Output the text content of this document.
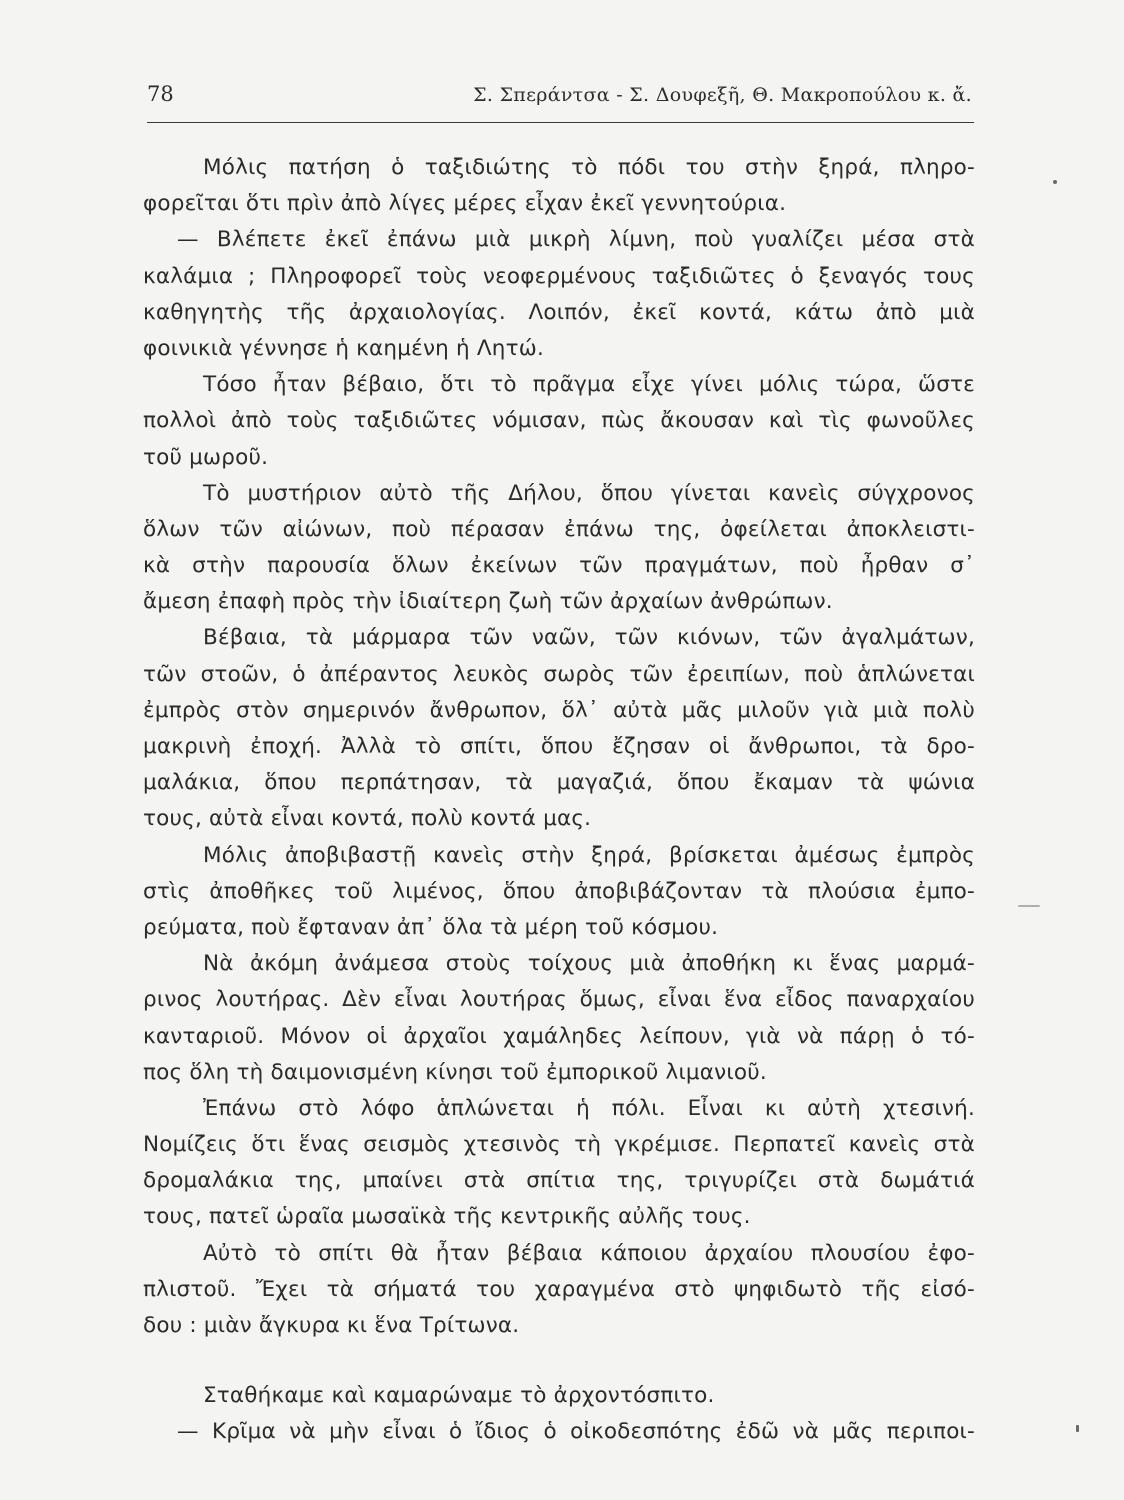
78	Σ. Σπεράντσα - Σ. Δουφεξῆ, Θ. Μακροπούλου κ. ἄ.
Μόλις πατήση ὁ ταξιδιώτης τὸ πόδι του στὴν ξηρά, πληρο-
φορεῖται ὅτι πρὶν ἀπὸ λίγες μέρες εἶχαν ἐκεῖ γεννητούρια.
— Βλέπετε ἐκεῖ ἐπάνω μιὰ μικρὴ λίμνη, ποὺ γυαλίζει μέσα στὰ
καλάμια ; Πληροφορεῖ τοὺς νεοφερμένους ταξιδιῶτες ὁ ξεναγός τους
καθηγητὴς τῆς ἀρχαιολογίας. Λοιπόν, ἐκεῖ κοντά, κάτω ἀπὸ μιὰ
φοινικιὰ γέννησε ἡ καημένη ἡ Λητώ.
Τόσο ἦταν βέβαιο, ὅτι τὸ πρᾶγμα εἶχε γίνει μόλις τώρα, ὥστε
πολλοὶ ἀπὸ τοὺς ταξιδιῶτες νόμισαν, πὼς ἄκουσαν καὶ τὶς φωνοῦλες
τοῦ μωροῦ.
Τὸ μυστήριον αὐτὸ τῆς Δήλου, ὅπου γίνεται κανεὶς σύγχρονος
ὅλων τῶν αἰώνων, ποὺ πέρασαν ἐπάνω της, ὀφείλεται ἀποκλειστι-
κὰ στὴν παρουσία ὅλων ἐκείνων τῶν πραγμάτων, ποὺ ἦρθαν σ᾽
ἄμεση ἐπαφὴ πρὸς τὴν ἰδιαίτερη ζωὴ τῶν ἀρχαίων ἀνθρώπων.
Βέβαια, τὰ μάρμαρα τῶν ναῶν, τῶν κιόνων, τῶν ἀγαλμάτων,
τῶν στοῶν, ὁ ἀπέραντος λευκὸς σωρὸς τῶν ἐρειπίων, ποὺ ἁπλώνεται
ἐμπρὸς στὸν σημερινόν ἄνθρωπον, ὅλ᾽ αὐτὰ μᾶς μιλοῦν γιὰ μιὰ πολὺ
μακρινὴ ἐποχή. Ἀλλὰ τὸ σπίτι, ὅπου ἔζησαν οἱ ἄνθρωποι, τὰ δρο-
μαλάκια, ὅπου περπάτησαν, τὰ μαγαζιά, ὅπου ἔκαμαν τὰ ψώνια
τους, αὐτὰ εἶναι κοντά, πολὺ κοντά μας.
Μόλις ἀποβιβαστῇ κανεὶς στὴν ξηρά, βρίσκεται ἀμέσως ἐμπρὸς
στὶς ἀποθῆκες τοῦ λιμένος, ὅπου ἀποβιβάζονταν τὰ πλούσια ἐμπο-
ρεύματα, ποὺ ἔφταναν ἀπ᾽ ὅλα τὰ μέρη τοῦ κόσμου.
Νὰ ἀκόμη ἀνάμεσα στοὺς τοίχους μιὰ ἀποθήκη κι ἕνας μαρμά-
ρινος λουτήρας. Δὲν εἶναι λουτήρας ὅμως, εἶναι ἕνα εἶδος παναρχαίου
κανταριοῦ. Μόνον οἱ ἀρχαῖοι χαμάληδες λείπουν, γιὰ νὰ πάρῃ ὁ τό-
πος ὅλη τὴ δαιμονισμένη κίνησι τοῦ ἐμπορικοῦ λιμανιοῦ.
Ἐπάνω στὸ λόφο ἁπλώνεται ἡ πόλι. Εἶναι κι αὐτὴ χτεσινή.
Νομίζεις ὅτι ἕνας σεισμὸς χτεσινὸς τὴ γκρέμισε. Περπατεῖ κανεὶς στὰ
δρομαλάκια της, μπαίνει στὰ σπίτια της, τριγυρίζει στὰ δωμάτιά
τους, πατεῖ ὡραῖα μωσαϊκὰ τῆς κεντρικῆς αὐλῆς τους.
Αὐτὸ τὸ σπίτι θὰ ἦταν βέβαια κάποιου ἀρχαίου πλουσίου ἐφο-
πλιστοῦ. Ἔχει τὰ σήματά του χαραγμένα στὸ ψηφιδωτὸ τῆς εἰσό-
δου : μιὰν ἄγκυρα κι ἕνα Τρίτωνα.
Σταθήκαμε καὶ καμαρώναμε τὸ ἀρχοντόσπιτο.
— Κρῖμα νὰ μὴν εἶναι ὁ ἴδιος ὁ οἰκοδεσπότης ἐδῶ νὰ μᾶς περιποι-
